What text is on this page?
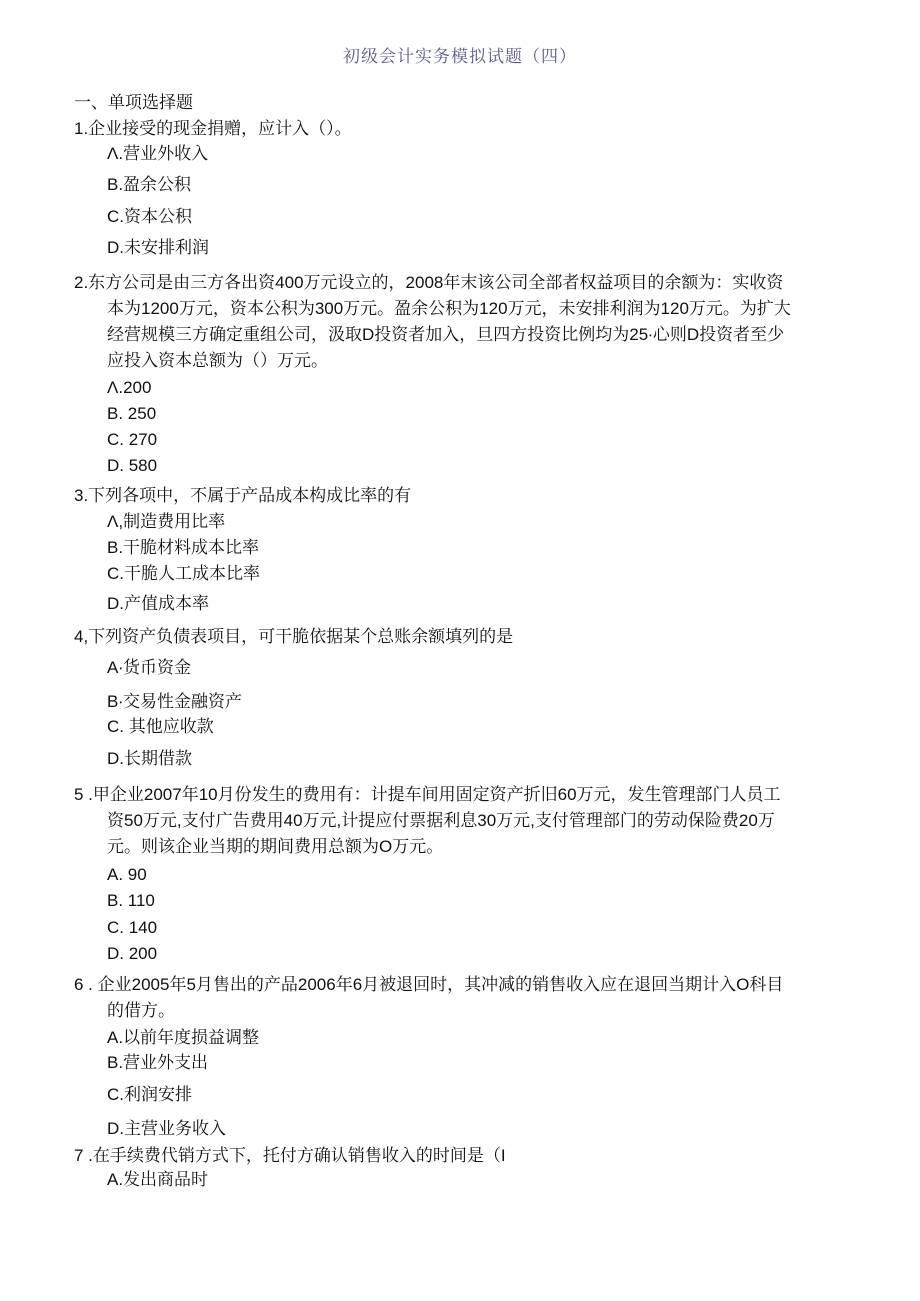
初级会计实务模拟试题（四）
一、单项选择题
1.企业接受的现金捐赠，应计入（）。
Λ.营业外收入
B.盈余公积
C.资本公积
D.未安排利润
2.东方公司是由三方各出资400万元设立的，2008年末该公司全部者权益项目的余额为：实收资
本为1200万元，资本公积为300万元。盈余公积为120万元，未安排利润为120万元。为扩大
经营规模三方确定重组公司，汲取D投资者加入，旦四方投资比例均为25∙心则D投资者至少
应投入资本总额为（）万元。
Λ.200
B. 250
C. 270
D. 580
3.下列各项中，不属于产品成本构成比率的有
Λ,制造费用比率
B.干脆材料成本比率
C.干脆人工成本比率
D.产值成本率
4,下列资产负债表项目，可干脆依据某个总账余额填列的是
A∙货币资金
B∙交易性金融资产
C. 其他应收款
D.长期借款
5 .甲企业2007年10月份发生的费用有：计提车间用固定资产折旧60万元，发生管理部门人员工
资50万元,支付广告费用40万元,计提应付票据利息30万元,支付管理部门的劳动保险费20万
元。则该企业当期的期间费用总额为O万元。
A. 90
B. 110
C. 140
D. 200
6 . 企业2005年5月售出的产品2006年6月被退回时，其冲减的销售收入应在退回当期计入O科目
的借方。
A.以前年度损益调整
B.营业外支出
C.利润安排
D.主营业务收入
7 .在手续费代销方式下，托付方确认销售收入的时间是（I
A.发出商品时
